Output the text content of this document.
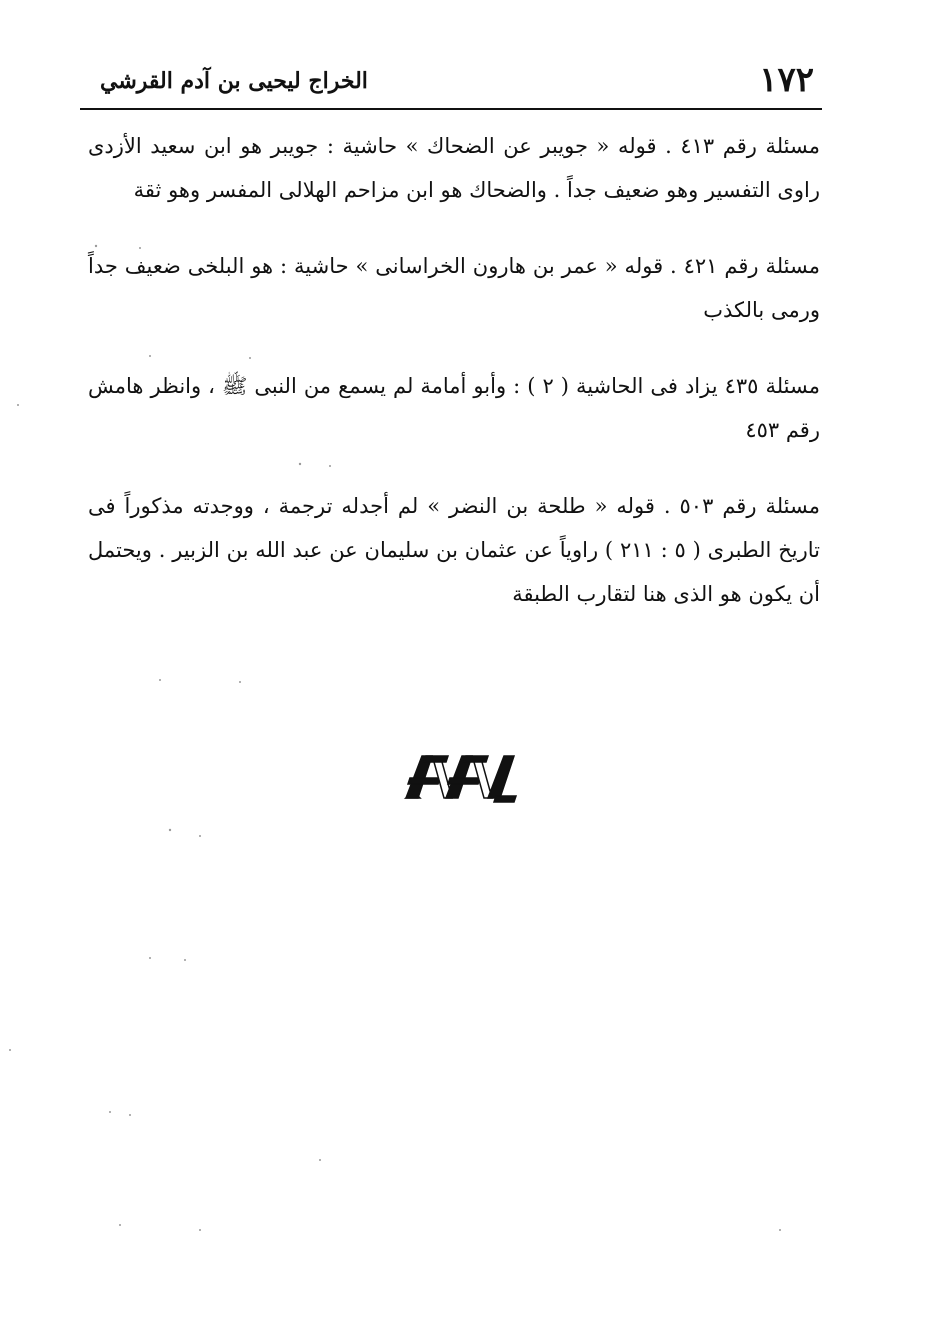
١٧٢
الخراج ليحيى بن آدم القرشي

مسئلة رقم ٤١٣ . قوله « جويبر عن الضحاك » حاشية : جويبر هو ابن سعيد الأزدى راوى التفسير وهو ضعيف جداً . والضحاك هو ابن مزاحم الهلالى المفسر وهو ثقة

مسئلة رقم ٤٢١ . قوله « عمر بن هارون الخراسانى » حاشية : هو البلخى ضعيف جداً ورمى بالكذب

مسئلة ٤٣٥ يزاد فى الحاشية ( ٢ ) : وأبو أمامة لم يسمع من النبى ﷺ ، وانظر هامش رقم ٤٥٣

مسئلة رقم ٥٠٣ . قوله « طلحة بن النضر » لم أجدله ترجمة ، ووجدته مذكوراً فى تاريخ الطبرى ( ٥ : ٢١١ ) راوياً عن عثمان بن سليمان عن عبد الله بن الزبير . ويحتمل أن يكون هو الذى هنا لتقارب الطبقة
